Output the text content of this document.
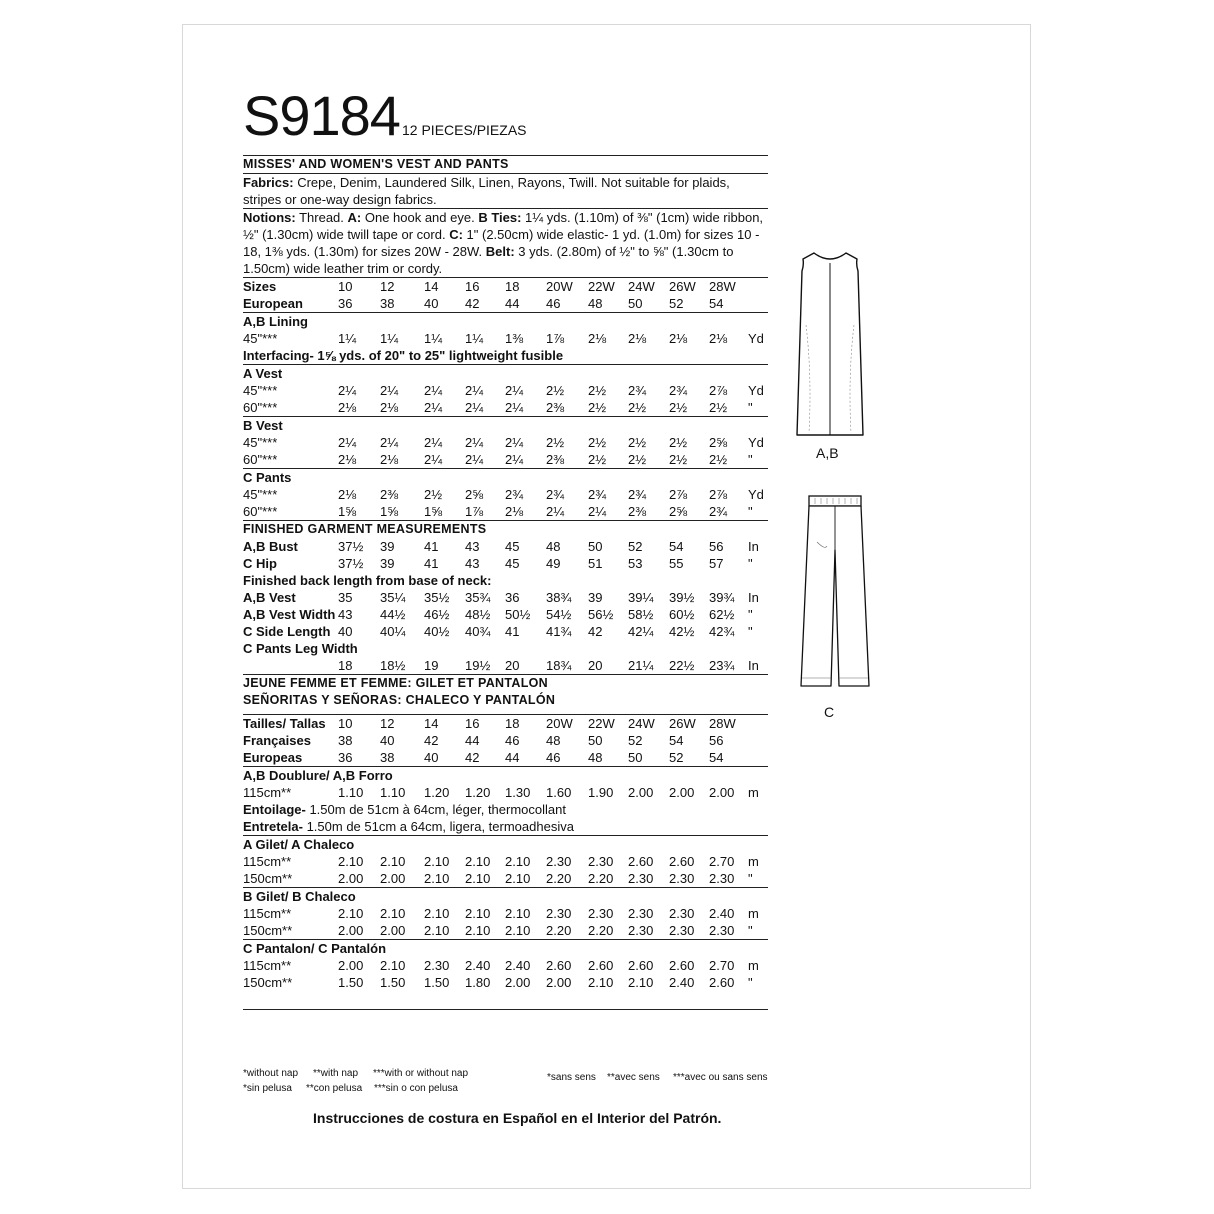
S9184 12 PIECES/PIEZAS
MISSES' AND WOMEN'S VEST AND PANTS
Fabrics: Crepe, Denim, Laundered Silk, Linen, Rayons, Twill. Not suitable for plaids, stripes or one-way design fabrics.
Notions: Thread. A: One hook and eye. B Ties: 1¼ yds. (1.10m) of ⅜" (1cm) wide ribbon, ½" (1.30cm) wide twill tape or cord. C: 1" (2.50cm) wide elastic- 1 yd. (1.0m) for sizes 10 - 18, 1⅜ yds. (1.30m) for sizes 20W - 28W. Belt: 3 yds. (2.80m) of ½" to ⅝" (1.30cm to 1.50cm) wide leather trim or cordy.
Sizes	10 12 14 16 18 20W 22W 24W 26W 28W
European	36 38 40 42 44 46 48 50 52 54
A,B Lining
45"***	1¼ 1¼ 1¼ 1¼ 1⅜ 1⅞ 2⅛ 2⅛ 2⅛ 2⅛ Yd
Interfacing- 1⅝ yds. of 20" to 25" lightweight fusible
A Vest
45"***	2¼ 2¼ 2¼ 2¼ 2¼ 2½ 2½ 2¾ 2¾ 2⅞ Yd
60"***	2⅛ 2⅛ 2¼ 2¼ 2¼ 2⅜ 2½ 2½ 2½ 2½ "
B Vest
45"***	2¼ 2¼ 2¼ 2¼ 2¼ 2½ 2½ 2½ 2½ 2⅝ Yd
60"***	2⅛ 2⅛ 2¼ 2¼ 2¼ 2⅜ 2½ 2½ 2½ 2½ "
C Pants
45"***	2⅛ 2⅜ 2½ 2⅝ 2¾ 2¾ 2¾ 2¾ 2⅞ 2⅞ Yd
60"***	1⅝ 1⅝ 1⅝ 1⅞ 2⅛ 2¼ 2¼ 2⅜ 2⅝ 2¾ "
FINISHED GARMENT MEASUREMENTS
A,B Bust	37½ 39 41 43 45 48 50 52 54 56 In
C Hip	37½ 39 41 43 45 49 51 53 55 57 "
Finished back length from base of neck:
A,B Vest	35 35¼ 35½ 35¾ 36 38¾ 39 39¼ 39½ 39¾ In
A,B Vest Width 43 44½ 46½ 48½ 50½ 54½ 56½ 58½ 60½ 62½ "
C Side Length 40 40¼ 40½ 40¾ 41 41¾ 42 42¼ 42½ 42¾ "
C Pants Leg Width
18 18½ 19 19½ 20 18¾ 20 21¼ 22½ 23¾ In
JEUNE FEMME ET FEMME: GILET ET PANTALON
SEÑORITAS Y SEÑORAS: CHALECO Y PANTALÓN
Tailles/ Tallas 10 12 14 16 18 20W 22W 24W 26W 28W
Françaises 38 40 42 44 46 48 50 52 54 56
Europeas	36 38 40 42 44 46 48 50 52 54
A,B Doublure/ A,B Forro
115cm**	1.10 1.10 1.20 1.20 1.30 1.60 1.90 2.00 2.00 2.00 m
Entoilage- 1.50m de 51cm à 64cm, léger, thermocollant
Entretela- 1.50m de 51cm a 64cm, ligera, termoadhesiva
A Gilet/ A Chaleco
115cm**	2.10 2.10 2.10 2.10 2.10 2.30 2.30 2.60 2.60 2.70 m
150cm**	2.00 2.00 2.10 2.10 2.10 2.20 2.20 2.30 2.30 2.30 "
B Gilet/ B Chaleco
115cm**	2.10 2.10 2.10 2.10 2.10 2.30 2.30 2.30 2.30 2.40 m
150cm**	2.00 2.00 2.10 2.10 2.10 2.20 2.20 2.30 2.30 2.30 "
C Pantalon/ C Pantalón
115cm**	2.00 2.10 2.30 2.40 2.40 2.60 2.60 2.60 2.60 2.70 m
150cm**	1.50 1.50 1.50 1.80 2.00 2.00 2.10 2.10 2.40 2.60 "
*without nap **with nap ***with or without nap
*sin pelusa **con pelusa ***sin o con pelusa
*sans sens **avec sens ***avec ou sans sens
Instrucciones de costura en Español en el Interior del Patrón.
A,B
C
